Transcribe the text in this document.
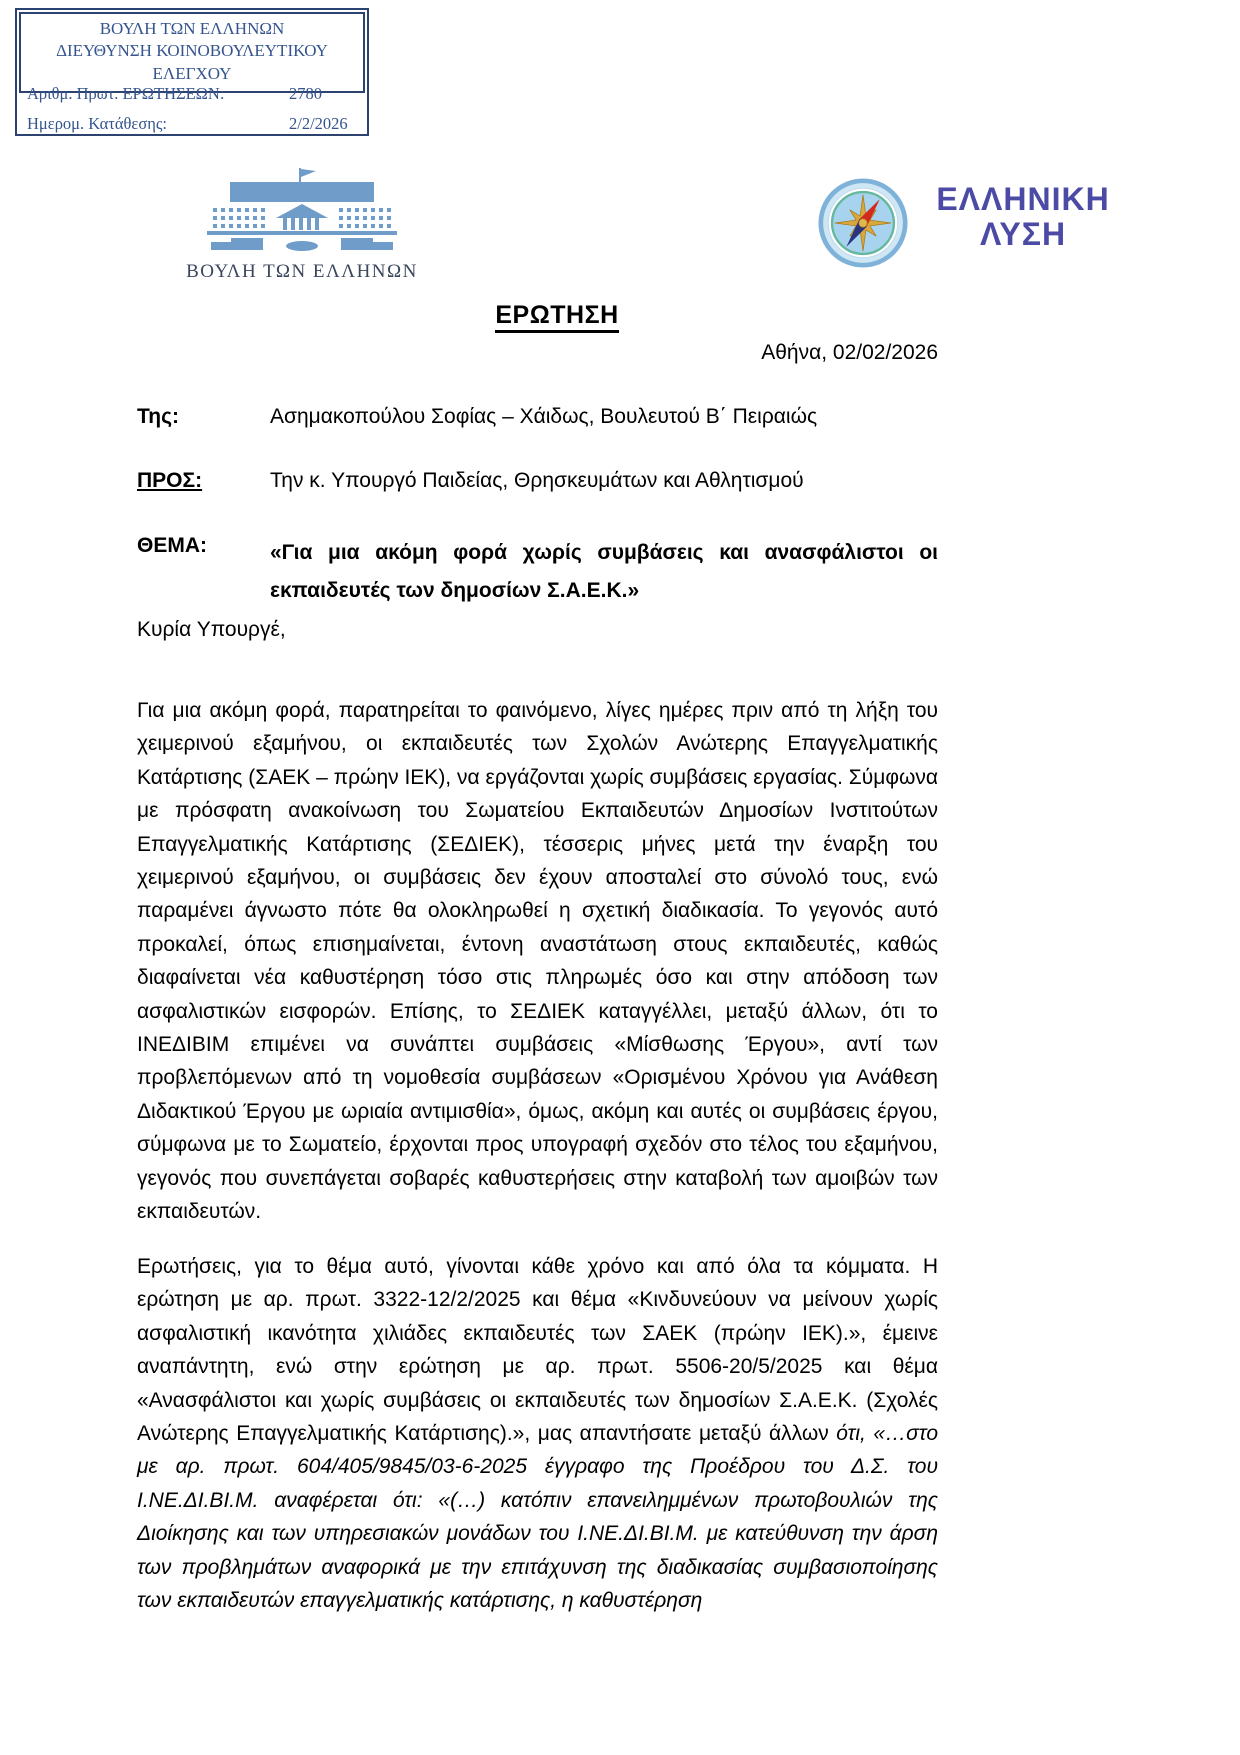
ΒΟΥΛΗ ΤΩΝ ΕΛΛΗΝΩΝ
ΔΙΕΥΘΥΝΣΗ ΚΟΙΝΟΒΟΥΛΕΥΤΙΚΟΥ ΕΛΕΓΧΟΥ
Αριθμ. Πρωτ. ΕΡΩΤΗΣΕΩΝ:	2780
Ημερομ. Κατάθεσης:	2/2/2026
ΒΟΥΛΗ ΤΩΝ ΕΛΛΗΝΩΝ
ΕΛΛΗΝΙΚΗ
ΛΥΣΗ
ΕΡΩΤΗΣΗ
Αθήνα, 02/02/2026
Της:	Ασημακοπούλου Σοφίας – Χάιδως, Βουλευτού Β΄ Πειραιώς
ΠΡΟΣ:	Την κ. Υπουργό Παιδείας, Θρησκευμάτων και Αθλητισμού
ΘΕΜΑ:	«Για μια ακόμη φορά χωρίς συμβάσεις και ανασφάλιστοι οι εκπαιδευτές των δημοσίων Σ.Α.Ε.Κ.»
Κυρία Υπουργέ,
Για μια ακόμη φορά, παρατηρείται το φαινόμενο, λίγες ημέρες πριν από τη λήξη του χειμερινού εξαμήνου, οι εκπαιδευτές των Σχολών Ανώτερης Επαγγελματικής Κατάρτισης (ΣΑΕΚ – πρώην ΙΕΚ), να εργάζονται χωρίς συμβάσεις εργασίας. Σύμφωνα με πρόσφατη ανακοίνωση του Σωματείου Εκπαιδευτών Δημοσίων Ινστιτούτων Επαγγελματικής Κατάρτισης (ΣΕΔΙΕΚ), τέσσερις μήνες μετά την έναρξη του χειμερινού εξαμήνου, οι συμβάσεις δεν έχουν αποσταλεί στο σύνολό τους, ενώ παραμένει άγνωστο πότε θα ολοκληρωθεί η σχετική διαδικασία. Το γεγονός αυτό προκαλεί, όπως επισημαίνεται, έντονη αναστάτωση στους εκπαιδευτές, καθώς διαφαίνεται νέα καθυστέρηση τόσο στις πληρωμές όσο και στην απόδοση των ασφαλιστικών εισφορών. Επίσης, το ΣΕΔΙΕΚ καταγγέλλει, μεταξύ άλλων, ότι το ΙΝΕΔΙΒΙΜ επιμένει να συνάπτει συμβάσεις «Μίσθωσης Έργου», αντί των προβλεπόμενων από τη νομοθεσία συμβάσεων «Ορισμένου Χρόνου για Ανάθεση Διδακτικού Έργου με ωριαία αντιμισθία», όμως, ακόμη και αυτές οι συμβάσεις έργου, σύμφωνα με το Σωματείο, έρχονται προς υπογραφή σχεδόν στο τέλος του εξαμήνου, γεγονός που συνεπάγεται σοβαρές καθυστερήσεις στην καταβολή των αμοιβών των εκπαιδευτών.
Ερωτήσεις, για το θέμα αυτό, γίνονται κάθε χρόνο και από όλα τα κόμματα. Η ερώτηση με αρ. πρωτ. 3322-12/2/2025 και θέμα «Κινδυνεύουν να μείνουν χωρίς ασφαλιστική ικανότητα χιλιάδες εκπαιδευτές των ΣΑΕΚ (πρώην ΙΕΚ).», έμεινε αναπάντητη, ενώ στην ερώτηση με αρ. πρωτ. 5506-20/5/2025 και θέμα «Ανασφάλιστοι και χωρίς συμβάσεις οι εκπαιδευτές των δημοσίων Σ.Α.Ε.Κ. (Σχολές Ανώτερης Επαγγελματικής Κατάρτισης).», μας απαντήσατε μεταξύ άλλων ότι, «…στο με αρ. πρωτ. 604/405/9845/03-6-2025 έγγραφο της Προέδρου του Δ.Σ. του Ι.ΝΕ.ΔΙ.ΒΙ.Μ. αναφέρεται ότι: «(…) κατόπιν επανειλημμένων πρωτοβουλιών της Διοίκησης και των υπηρεσιακών μονάδων του Ι.ΝΕ.ΔΙ.ΒΙ.Μ. με κατεύθυνση την άρση των προβλημάτων αναφορικά με την επιτάχυνση της διαδικασίας συμβασιοποίησης των εκπαιδευτών επαγγελματικής κατάρτισης, η καθυστέρηση
